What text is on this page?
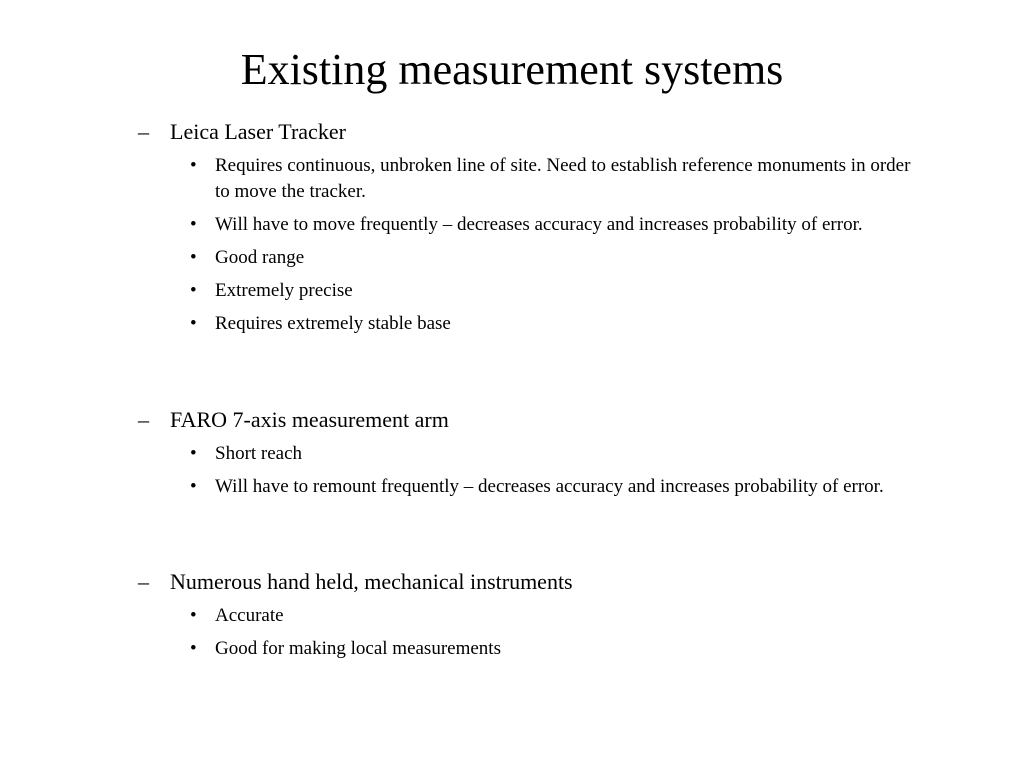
Existing measurement systems
– Leica Laser Tracker
• Requires continuous, unbroken line of site. Need to establish reference monuments in order to move the tracker.
• Will have to move frequently – decreases accuracy and increases probability of error.
• Good range
• Extremely precise
• Requires extremely stable base
– FARO 7-axis measurement arm
• Short reach
• Will have to remount frequently – decreases accuracy and increases probability of error.
– Numerous hand held, mechanical instruments
• Accurate
• Good for making local measurements
